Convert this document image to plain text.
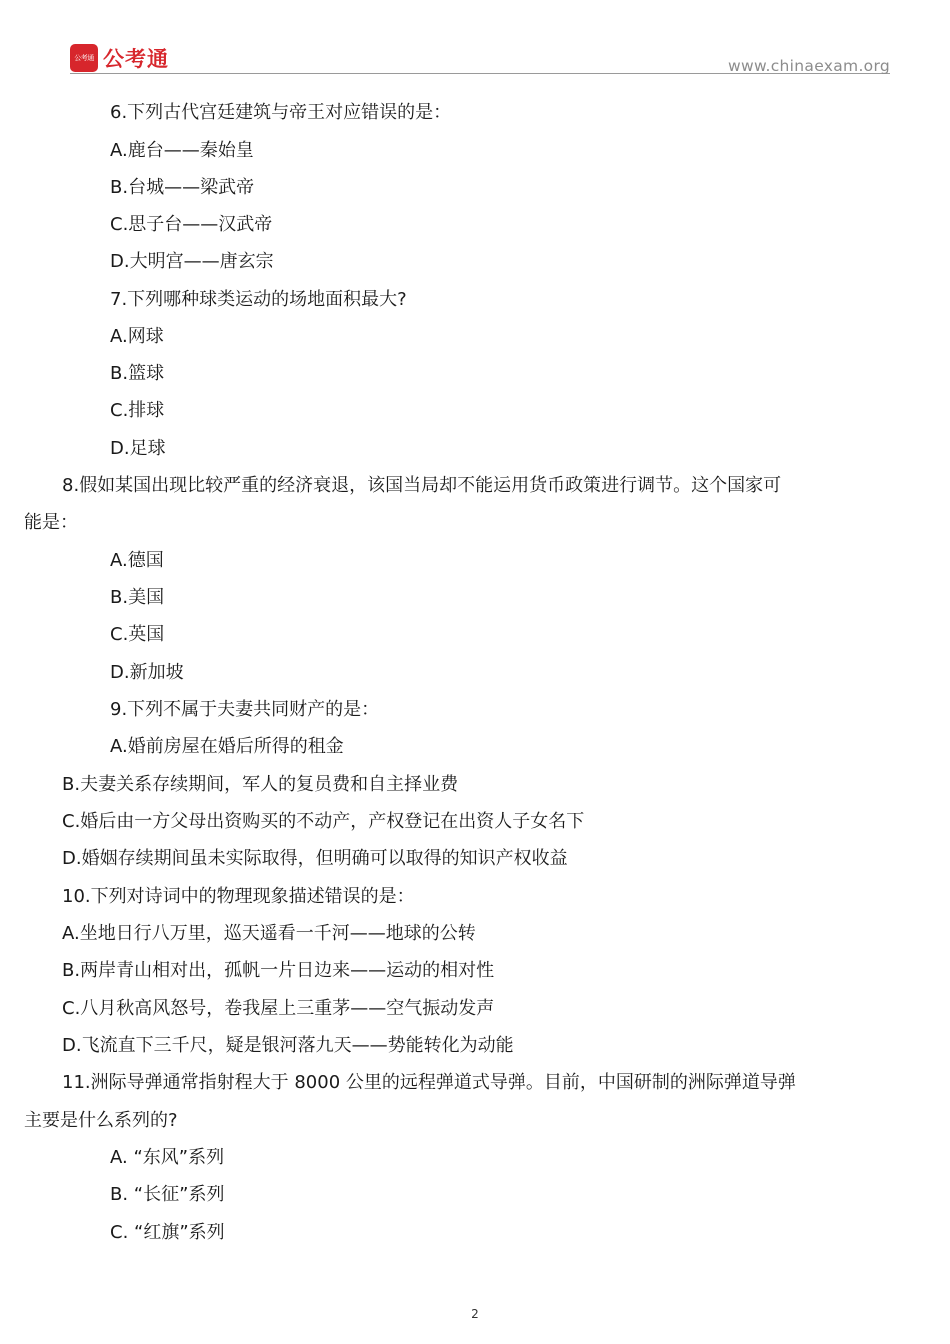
公考通 公考通	www.chinaexam.org
6.下列古代宫廷建筑与帝王对应错误的是：
A.鹿台——秦始皇
B.台城——梁武帝
C.思子台——汉武帝
D.大明宫——唐玄宗
7.下列哪种球类运动的场地面积最大?
A.网球
B.篮球
C.排球
D.足球
8.假如某国出现比较严重的经济衰退，该国当局却不能运用货币政策进行调节。这个国家可
能是：
A.德国
B.美国
C.英国
D.新加坡
9.下列不属于夫妻共同财产的是：
A.婚前房屋在婚后所得的租金
B.夫妻关系存续期间，军人的复员费和自主择业费
C.婚后由一方父母出资购买的不动产，产权登记在出资人子女名下
D.婚姻存续期间虽未实际取得，但明确可以取得的知识产权收益
10.下列对诗词中的物理现象描述错误的是：
A.坐地日行八万里，巡天遥看一千河——地球的公转
B.两岸青山相对出，孤帆一片日边来——运动的相对性
C.八月秋高风怒号，卷我屋上三重茅——空气振动发声
D.飞流直下三千尺，疑是银河落九天——势能转化为动能
11.洲际导弹通常指射程大于 8000 公里的远程弹道式导弹。目前，中国研制的洲际弹道导弹
主要是什么系列的?
A. “东风”系列
B. “长征”系列
C. “红旗”系列
2
